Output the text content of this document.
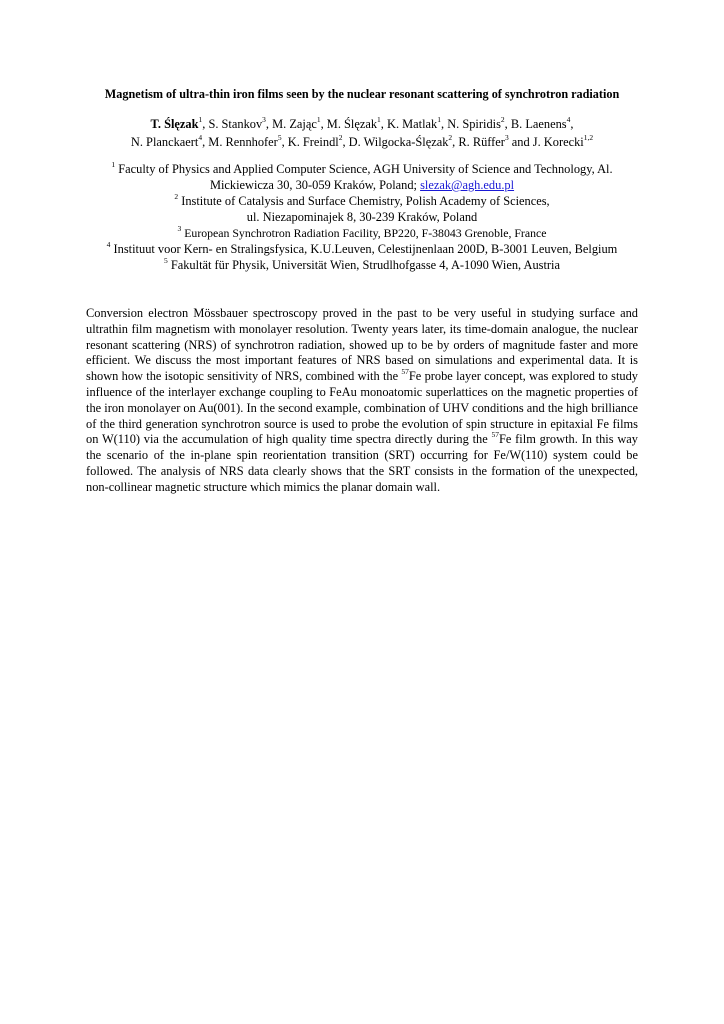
Magnetism of ultra-thin iron films seen by the nuclear resonant scattering of synchrotron radiation
T. Ślęzak$^1$, S. Stankov$^3$, M. Zając$^1$, M. Ślęzak$^1$, K. Matlak$^1$, N. Spiridis$^2$, B. Laenens$^4$,
N. Planckaert$^4$, M. Rennhofer$^5$, K. Freindl$^2$, D. Wilgocka-Ślęzak$^2$, R. Rüffer$^3$ and J. Korecki$^{1,2}$
$^1$ Faculty of Physics and Applied Computer Science, AGH University of Science and Technology, Al.
Mickiewicza 30, 30-059 Kraków, Poland; slezak@agh.edu.pl
$^2$ Institute of Catalysis and Surface Chemistry, Polish Academy of Sciences,
ul. Niezapominajek 8, 30-239 Kraków, Poland
$^3$ European Synchrotron Radiation Facility, BP220, F-38043 Grenoble, France
$^4$ Instituut voor Kern- en Stralingsfysica, K.U.Leuven, Celestijnenlaan 200D, B-3001 Leuven, Belgium
$^5$ Fakultät für Physik, Universität Wien, Strudlhofgasse 4, A-1090 Wien, Austria
Conversion electron Mössbauer spectroscopy proved in the past to be very useful in studying surface and ultrathin film magnetism with monolayer resolution. Twenty years later, its time-domain analogue, the nuclear resonant scattering (NRS) of synchrotron radiation, showed up to be by orders of magnitude faster and more efficient. We discuss the most important features of NRS based on simulations and experimental data. It is shown how the isotopic sensitivity of NRS, combined with the $^{57}$Fe probe layer concept, was explored to study influence of the interlayer exchange coupling to FeAu monoatomic superlattices on the magnetic properties of the iron monolayer on Au(001). In the second example, combination of UHV conditions and the high brilliance of the third generation synchrotron source is used to probe the evolution of spin structure in epitaxial Fe films on W(110) via the accumulation of high quality time spectra directly during the $^{57}$Fe film growth. In this way the scenario of the in-plane spin reorientation transition (SRT) occurring for Fe/W(110) system could be followed. The analysis of NRS data clearly shows that the SRT consists in the formation of the unexpected, non-collinear magnetic structure which mimics the planar domain wall.
